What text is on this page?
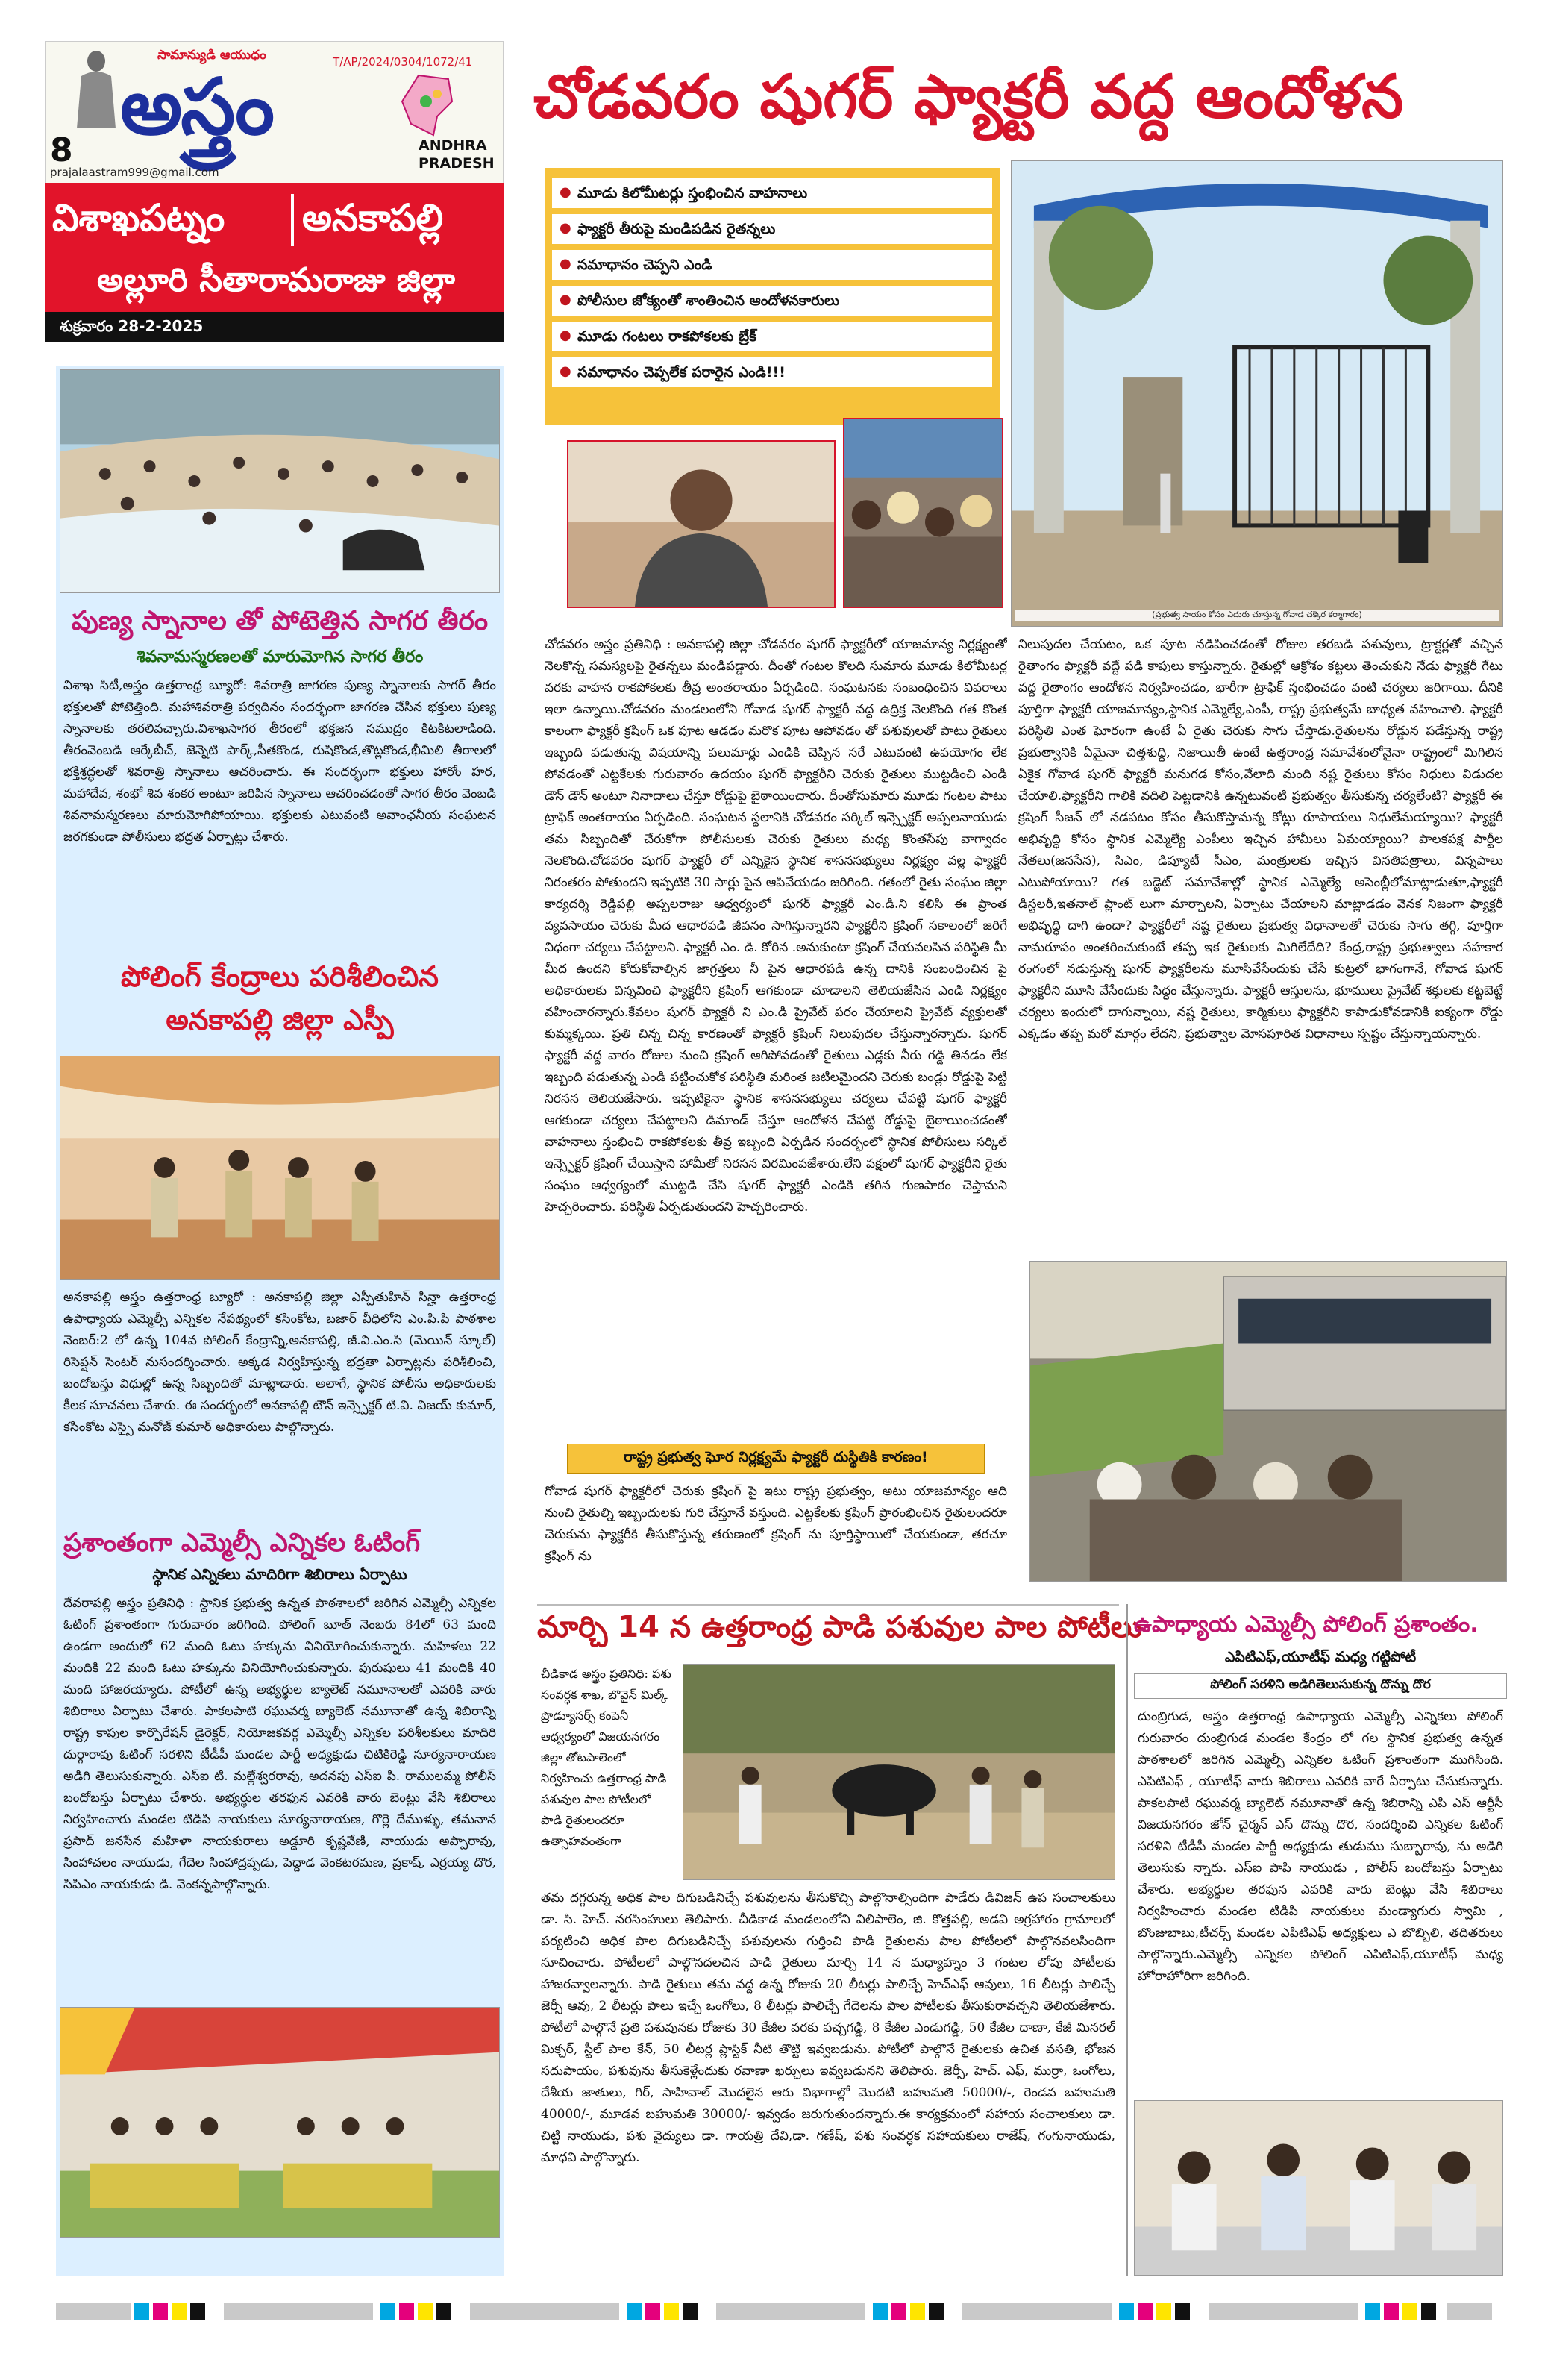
8
సామాన్యుడి ఆయుధం	T/AP/2024/0304/1072/41
అస్త్రం	ANDHRA
PRADESH
prajalaastram999@gmail.com
విశాఖపట్నం అనకాపల్లి
అల్లూరి సీతారామరాజు జిల్లా
శుక్రవారం 28-2-2025
చోడవరం షుగర్ ఫ్యాక్టరీ వద్ద ఆందోళన
● మూడు కిలోమీటర్లు స్తంభించిన వాహనాలు
● ఫ్యాక్టరీ తీరుపై మండిపడిన రైతన్నలు
● సమాధానం చెప్పని ఎండి
● పోలీసుల జోక్యంతో శాంతించిన ఆందోళనకారులు
● మూడు గంటలు రాకపోకలకు బ్రేక్
● సమాధానం చెప్పలేక పరారైన ఎండి!!!
(ప్రభుత్వ సాయం కోసం ఎదురు చూస్తున్న గోవాడ చక్కెర కర్మాగారం)
చోడవరం అస్త్రం ప్రతినిధి : అనకాపల్లి జిల్లా చోడవరం షుగర్ ఫ్యాక్టరీలో యాజమాన్య నిర్లక్ష్యంతో నెలకొన్న సమస్యలపై రైతన్నలు మండిపడ్డారు. దీంతో గంటల కొలది సుమారు మూడు కిలోమీటర్ల వరకు వాహన రాకపోకలకు తీవ్ర అంతరాయం ఏర్పడింది. సంఘటనకు సంబంధించిన వివరాలు ఇలా ఉన్నాయి.చోడవరం మండలంలోని గోవాడ షుగర్ ఫ్యాక్టరీ వద్ద ఉద్రిక్త నెలకొంది గత కొంత కాలంగా ఫ్యాక్టరీ క్రషింగ్ ఒక పూట ఆడడం మరొక పూట ఆపోవడం తో పశువులతో పాటు రైతులు ఇబ్బంది పడుతున్న విషయాన్ని పలుమార్లు ఎండికి చెప్పిన సరే ఎటువంటి ఉపయోగం లేక పోవడంతో ఎట్టకేలకు గురువారం ఉదయం షుగర్ ఫ్యాక్టరీని చెరుకు రైతులు ముట్టడించి ఎండి డౌన్ డౌన్ అంటూ నినాదాలు చేస్తూ రోడ్డుపై బైఠాయించారు. దీంతోసుమారు మూడు గంటల పాటు ట్రాఫిక్ అంతరాయం ఏర్పడింది. సంఘటన స్థలానికి చోడవరం సర్కిల్ ఇన్స్పెక్టర్ అప్పలనాయుడు తమ సిబ్బందితో చేరుకోగా పోలీసులకు చెరుకు రైతులు మధ్య కొంతసేపు వాగ్వాదం నెలకొంది.చోడవరం షుగర్ ఫ్యాక్టరీ లో ఎన్నికైన స్థానిక శాసనసభ్యులు నిర్లక్ష్యం వల్ల ఫ్యాక్టరీ నిరంతరం పోతుందని ఇప్పటికి 30 సార్లు పైన ఆపివేయడం జరిగింది. గతంలో రైతు సంఘం జిల్లా కార్యదర్శి రెడ్డిపల్లి అప్పలరాజు ఆధ్వర్యంలో షుగర్ ఫ్యాక్టరీ ఎం.డి.ని కలిసి ఈ ప్రాంత వ్యవసాయం చెరుకు మీద ఆధారపడి జీవనం సాగిస్తున్నారని ఫ్యాక్టరీని క్రషింగ్ సకాలంలో జరిగే విధంగా చర్యలు చేపట్టాలని. ఫ్యాక్టరీ ఎం. డి. కోరిన .అనుకుంటా క్రషింగ్ చేయవలసిన పరిస్థితి మీ మీద ఉందని కోరుకోవాల్సిన జాగ్రత్తలు నీ పైన ఆధారపడి ఉన్న దానికి సంబంధించిన పై అధికారులకు విన్నవించి ఫ్యాక్టరీని క్రషింగ్ ఆగకుండా చూడాలని తెలియజేసిన ఎండి నిర్లక్ష్యం వహించారన్నారు.కేవలం షుగర్ ఫ్యాక్టరీ ని ఎం.డి ప్రైవేట్ పరం చేయాలని ప్రైవేట్ వ్యక్తులతో కుమ్మక్కయి. ప్రతి చిన్న చిన్న కారణంతో ఫ్యాక్టరీ క్రషింగ్ నిలుపుదల చేస్తున్నారన్నారు. షుగర్ ఫ్యాక్టరీ వద్ద వారం రోజుల నుంచి క్రషింగ్ ఆగిపోవడంతో రైతులు ఎడ్లకు నీరు గడ్డి తినడం లేక ఇబ్బంది పడుతున్న ఎండి పట్టించుకోక పరిస్థితి మరింత జటిలమైందని చెరుకు బండ్లు రోడ్డుపై పెట్టి నిరసన తెలియజేసారు. ఇప్పటికైనా స్థానిక శాసనసభ్యులు చర్యలు చేపట్టి షుగర్ ఫ్యాక్టరీ ఆగకుండా చర్యలు చేపట్టాలని డిమాండ్ చేస్తూ ఆందోళన చేపట్టి రోడ్డుపై బైఠాయించడంతో వాహనాలు స్తంభించి రాకపోకలకు తీవ్ర ఇబ్బంది ఏర్పడిన సందర్భంలో స్థానిక పోలీసులు సర్కిల్ ఇన్స్పెక్టర్ క్రషింగ్ చేయిస్తాని హామీతో నిరసన విరమింపజేశారు.లేని పక్షంలో షుగర్ ఫ్యాక్టరీని రైతు సంఘం ఆధ్వర్యంలో ముట్టడి చేసి షుగర్ ఫ్యాక్టరీ ఎండికి తగిన గుణపాఠం చెప్తామని హెచ్చరించారు. పరిస్థితి ఏర్పడుతుందని హెచ్చరించారు.
రాష్ట్ర ప్రభుత్వ ఘోర నిర్లక్ష్యమే ఫ్యాక్టరీ దుస్థితికి కారణం!
గోవాడ షుగర్ ఫ్యాక్టరీలో చెరుకు క్రషింగ్ పై ఇటు రాష్ట్ర ప్రభుత్వం, అటు యాజమాన్యం ఆది నుంచి రైతుల్ని ఇబ్బందులకు గురి చేస్తూనే వస్తుంది. ఎట్టకేలకు క్రషింగ్ ప్రారంభించిన రైతులందరూ చెరుకును ఫ్యాక్టరీకి తీసుకొస్తున్న తరుణంలో క్రషింగ్ ను పూర్తిస్థాయిలో చేయకుండా, తరచూ క్రషింగ్ ను
నిలుపుదల చేయటం, ఒక పూట నడిపించడంతో రోజుల తరబడి పశువులు, ట్రాక్టర్లతో వచ్చిన రైతాంగం ఫ్యాక్టరీ వద్దే పడి కాపులు కాస్తున్నారు. రైతుల్లో ఆక్రోశం కట్టలు తెంచుకుని నేడు ఫ్యాక్టరీ గేటు వద్ద రైతాంగం ఆందోళన నిర్వహించడం, భారీగా ట్రాఫిక్ స్తంభించడం వంటి చర్యలు జరిగాయి. దీనికి పూర్తిగా ఫ్యాక్టరీ యాజమాన్యం,స్థానిక ఎమ్మెల్యే,ఎంపీ, రాష్ట్ర ప్రభుత్వమే బాధ్యత వహించాలి. ఫ్యాక్టరీ పరిస్థితి ఎంత ఘోరంగా ఉంటే ఏ రైతు చెరుకు సాగు చేస్తాడు.రైతులను రోడ్డున పడేస్తున్న రాష్ట్ర ప్రభుత్వానికి ఏమైనా చిత్తశుద్ధి, నిజాయితీ ఉంటే ఉత్తరాంధ్ర సమావేశంలోనైనా రాష్ట్రంలో మిగిలిన ఏకైక గోవాడ షుగర్ ఫ్యాక్టరీ మనుగడ కోసం,వేలాది మంది నష్ట రైతులు కోసం నిధులు విడుదల చేయాలి.ఫ్యాక్టరీని గాలికి వదిలి పెట్టడానికి ఉన్నటువంటి ప్రభుత్వం తీసుకున్న చర్యలేంటి? ఫ్యాక్టరీ ఈ క్రషింగ్ సీజన్ లో నడపటం కోసం తీసుకొస్తామన్న కోట్లు రూపాయలు నిధులేమయ్యాయి? ఫ్యాక్టరీ అభివృద్ధి కోసం స్థానిక ఎమ్మెల్యే ఎంపీలు ఇచ్చిన హామీలు ఏమయ్యాయి? పాలకపక్ష పార్టీల నేతలు(జనసేన), సిఎం, డిప్యూటీ సీఎం, మంత్రులకు ఇచ్చిన వినతిపత్రాలు, విన్నపాలు ఎటుపోయాయి? గత బడ్జెట్ సమావేశాల్లో స్థానిక ఎమ్మెల్యే అసెంబ్లీలోమాట్లాడుతూ,ఫ్యాక్టరీ డిస్టలరీ,ఇతనాల్ ప్లాంట్ లుగా మార్చాలని, ఏర్పాటు చేయాలని మాట్లాడడం వెనక నిజంగా ఫ్యాక్టరీ అభివృద్ధి దాగి ఉందా? ఫ్యాక్టరీలో నష్ట రైతులు ప్రభుత్వ విధానాలతో చెరుకు సాగు తగ్గి, పూర్తిగా నామరూపం అంతరించుకుంటే తప్ప ఇక రైతులకు మిగిలేదేది? కేంద్ర,రాష్ట్ర ప్రభుత్వాలు సహకార రంగంలో నడుస్తున్న షుగర్ ఫ్యాక్టరీలను మూసివేసేందుకు చేసే కుట్రలో భాగంగానే, గోవాడ షుగర్ ఫ్యాక్టరీని మూసి వేసేందుకు సిద్ధం చేస్తున్నారు. ఫ్యాక్టరీ ఆస్తులను, భూములు ప్రైవేట్ శక్తులకు కట్టబెట్టే చర్యలు ఇందులో దాగున్నాయి, నష్ట రైతులు, కార్మికులు ఫ్యాక్టరీని కాపాడుకోవడానికి ఐక్యంగా రోడ్డు ఎక్కడం తప్ప మరో మార్గం లేదని, ప్రభుత్వాల మోసపూరిత విధానాలు స్పష్టం చేస్తున్నాయన్నారు.
పుణ్య స్నానాల తో పోటెత్తిన సాగర తీరం
శివనామస్మరణలతో మారుమోగిన సాగర తీరం
విశాఖ సిటీ,అస్త్రం ఉత్తరాంధ్ర బ్యూరో: శివరాత్రి జాగరణ పుణ్య స్నానాలకు సాగర్ తీరం భక్తులతో పోటెత్తింది. మహాశివరాత్రి పర్వదినం సందర్భంగా జాగరణ చేసిన భక్తులు పుణ్య స్నానాలకు తరలివచ్చారు.విశాఖసాగర తీరంలో భక్తజన సముద్రం కిటకిటలాడింది. తీరంవెంబడి ఆర్కేబీచ్, జెన్నెటి పార్క్,సీతకొండ, రుషికొండ,తొట్లకొండ,భీమిలి తీరాలలో భక్తిశ్రద్ధలతో శివరాత్రి స్నానాలు ఆచరించారు. ఈ సందర్భంగా భక్తులు హారోం హర, మహాదేవ, శంభో శివ శంకర అంటూ జరిపిన స్నానాలు ఆచరించడంతో సాగర తీరం వెంబడి శివనామస్మరణలు మారుమోగిపోయాయి. భక్తులకు ఎటువంటి అవాంఛనీయ సంఘటన జరగకుండా పోలీసులు భద్రత ఏర్పాట్లు చేశారు.
పోలింగ్ కేంద్రాలు పరిశీలించిన అనకాపల్లి జిల్లా ఎస్పీ
అనకాపల్లి అస్త్రం ఉత్తరాంధ్ర బ్యూరో : అనకాపల్లి జిల్లా ఎస్పీతుహిన్ సిన్హా ఉత్తరాంధ్ర ఉపాధ్యాయ ఎమ్మెల్సీ ఎన్నికల నేపథ్యంలో కసింకోట, బజార్ వీధిలోని ఎం.పి.పి పాఠశాల నెంబర్:2 లో ఉన్న 104వ పోలింగ్ కేంద్రాన్ని,అనకాపల్లి, జీ.వి.ఎం.సి (మెయిన్ స్కూల్) రిసెప్షన్ సెంటర్ నుసందర్శించారు. అక్కడ నిర్వహిస్తున్న భద్రతా ఏర్పాట్లను పరిశీలించి, బందోబస్తు విధుల్లో ఉన్న సిబ్బందితో మాట్లాడారు. అలాగే, స్థానిక పోలీసు అధికారులకు కీలక సూచనలు చేశారు. ఈ సందర్భంలో అనకాపల్లి టౌన్ ఇన్స్పెక్టర్ టి.వి. విజయ్ కుమార్, కసింకోట ఎస్సై మనోజ్ కుమార్ అధికారులు పాల్గొన్నారు.
ప్రశాంతంగా ఎమ్మెల్సీ ఎన్నికల ఓటింగ్
స్థానిక ఎన్నికలు మాదిరిగా శిబిరాలు ఏర్పాటు
దేవరాపల్లి అస్త్రం ప్రతినిధి : స్థానిక ప్రభుత్వ ఉన్నత పాఠశాలలో జరిగిన ఎమ్మెల్సీ ఎన్నికల ఓటింగ్ ప్రశాంతంగా గురువారం జరిగింది. పోలింగ్ బూత్ నెంబరు 84లో 63 మంది ఉండగా అందులో 62 మంది ఓటు హక్కును వినియోగించుకున్నారు. మహిళలు 22 మందికి 22 మంది ఓటు హక్కును వినియోగించుకున్నారు. పురుషులు 41 మందికి 40 మంది హాజరయ్యారు. పోటీలో ఉన్న అభ్యర్థుల బ్యాలెట్ నమూనాలతో ఎవరికి వారు శిబిరాలు ఏర్పాటు చేశారు. పాకలపాటి రఘువర్మ బ్యాలెట్ నమూనాతో ఉన్న శిబిరాన్ని రాష్ట్ర కాపుల కార్పొరేషన్ డైరెక్టర్, నియోజకవర్గ ఎమ్మెల్సీ ఎన్నికల పరిశీలకులు మాదిరి దుర్గారావు ఓటింగ్ సరళిని టీడీపీ మండల పార్టీ అధ్యక్షుడు చిటికిరెడ్డి సూర్యనారాయణ అడిగి తెలుసుకున్నారు. ఎస్ఐ టి. మల్లేశ్వరరావు, అదనపు ఎస్ఐ పి. రాములమ్మ పోలీస్ బందోబస్తు ఏర్పాటు చేశారు. అభ్యర్థుల తరఫున ఎవరికి వారు బెంట్లు వేసి శిబిరాలు నిర్వహించారు మండల టిడిపి నాయకులు సూర్యనారాయణ, గొర్లె దేముళ్ళు, తమనాన ప్రసాద్ జనసేన మహిళా నాయకురాలు అడ్డూరి కృష్ణవేణి, నాయుడు అప్పారావు, సింహాచలం నాయుడు, గేదెల సింహాద్రప్పడు, పెద్దాడ వెంకటరమణ, ప్రకాష్, ఎర్రయ్య దొర, సిపిఎం నాయకుడు డి. వెంకన్నపాల్గొన్నారు.
మార్చి 14 న ఉత్తరాంధ్ర పాడి పశువుల పాల పోటీలు
చీడికాడ అస్త్రం ప్రతినిధి: పశు సంవర్ధక శాఖ, బొవైన్ మిల్క్ ప్రొడ్యూసర్స్ కంపెనీ ఆధ్వర్యంలో విజయనగరం జిల్లా తోటపాలెంలో నిర్వహించు ఉత్తరాంధ్ర పాడి పశువుల పాల పోటీలలో పాడి రైతులందరూ ఉత్సాహవంతంగా
తమ దగ్గరున్న అధిక పాల దిగుబడినిచ్చే పశువులను తీసుకొచ్చి పాల్గొనాల్సిందిగా పాడేరు డివిజన్ ఉప సంచాలకులు డా. సి. హెచ్. నరసింహులు తెలిపారు. చీడికాడ మండలంలోని విలిపాలెం, జి. కొత్తపల్లి, అడవి అగ్రహారం గ్రామాలలో పర్యటించి అధిక పాల దిగుబడినిచ్చే పశువులను గుర్తించి పాడి రైతులను పాల పోటీలలో పాల్గొనవలసిందిగా సూచించారు. పోటీలలో పాల్గొనదలచిన పాడి రైతులు మార్చి 14 న మధ్యాహ్నం 3 గంటల లోపు పోటీలకు హాజరవ్వాలన్నారు. పాడి రైతులు తమ వద్ద ఉన్న రోజుకు 20 లీటర్లు పాలిచ్చే హెచ్ఎఫ్ ఆవులు, 16 లీటర్లు పాలిచ్చే జెర్సీ ఆవు, 2 లీటర్లు పాలు ఇచ్చే ఒంగోలు, 8 లీటర్లు పాలిచ్చే గేదెలను పాల పోటీలకు తీసుకురావచ్చని తెలియజేశారు. పోటీలో పాల్గొనే ప్రతి పశువునకు రోజుకు 30 కేజీల వరకు పచ్చగడ్డి, 8 కేజీల ఎండుగడ్డి, 50 కేజీల దాణా, కేజీ మినరల్ మిక్చర్, స్టీల్ పాల కేన్, 50 లీటర్ల ప్లాస్టిక్ నీటి తొట్టి ఇవ్వబడును. పోటీలో పాల్గొనే రైతులకు ఉచిత వసతి, భోజన సదుపాయం, పశువును తీసుకెళ్లేందుకు రవాణా ఖర్చులు ఇవ్వబడునని తెలిపారు. జెర్సీ, హెచ్. ఎఫ్, ముర్రా, ఒంగోలు, దేశీయ జాతులు, గిర్, సాహివాల్ మొదలైన ఆరు విభాగాల్లో మొదటి బహుమతి 50000/-, రెండవ బహుమతి 40000/-, మూడవ బహుమతి 30000/- ఇవ్వడం జరుగుతుందన్నారు.ఈ కార్యక్రమంలో సహాయ సంచాలకులు డా. చిట్టి నాయుడు, పశు వైద్యులు డా. గాయత్రి దేవి,డా. గణేష్, పశు సంవర్ధక సహాయకులు రాజేష్, గంగునాయుడు, మాధవి పాల్గొన్నారు.
ఉపాధ్యాయ ఎమ్మెల్సీ పోలింగ్ ప్రశాంతం.
ఎపిటిఎఫ్,యూటీఫ్ మధ్య గట్టిపోటీ
పోలింగ్ సరళిని అడిగితెలుసుకున్న దొన్ను దొర
దుంబ్రిగుడ, అస్త్రం ఉత్తరాంధ్ర ఉపాధ్యాయ ఎమ్మెల్సీ ఎన్నికలు పోలింగ్ గురువారం దుంబ్రిగుడ మండల కేంద్రం లో గల స్థానిక ప్రభుత్వ ఉన్నత పాఠశాలలో జరిగిన ఎమ్మెల్సీ ఎన్నికల ఓటింగ్ ప్రశాంతంగా ముగిసింది. ఎపిటిఎఫ్ , యూటీఫ్ వారు శిబిరాలు ఎవరికి వారే ఏర్పాటు చేసుకున్నారు. పాకలపాటి రఘువర్మ బ్యాలెట్ నమూనాతో ఉన్న శిబిరాన్ని ఎపి ఎస్ ఆర్టీసీ విజయనగరం జోన్ చైర్మన్ ఎస్ దొన్ను దొర, సందర్శించి ఎన్నికల ఓటింగ్ సరళిని టీడీపీ మండల పార్టీ అధ్యక్షుడు తుడుము సుబ్బారావు, ను అడిగి తెలుసుకు న్నారు. ఎస్ఐ పాపి నాయుడు , పోలీస్ బందోబస్తు ఏర్పాటు చేశారు. అభ్యర్థుల తరఫున ఎవరికి వారు బెంట్లు వేసి శిబిరాలు నిర్వహించారు మండల టిడిపి నాయకులు మండ్యాగురు స్వామి , బొంజుబాబు,టీచర్స్ మండల ఎపిటిఎఫ్ అధ్యక్షులు ఎ బొబ్బిలి, తదితరులు పాల్గొన్నారు.ఎమ్మెల్సీ ఎన్నికల పోలింగ్ ఎపిటిఎఫ్,యూటీఫ్ మధ్య హోరాహోరిగా జరిగింది.
